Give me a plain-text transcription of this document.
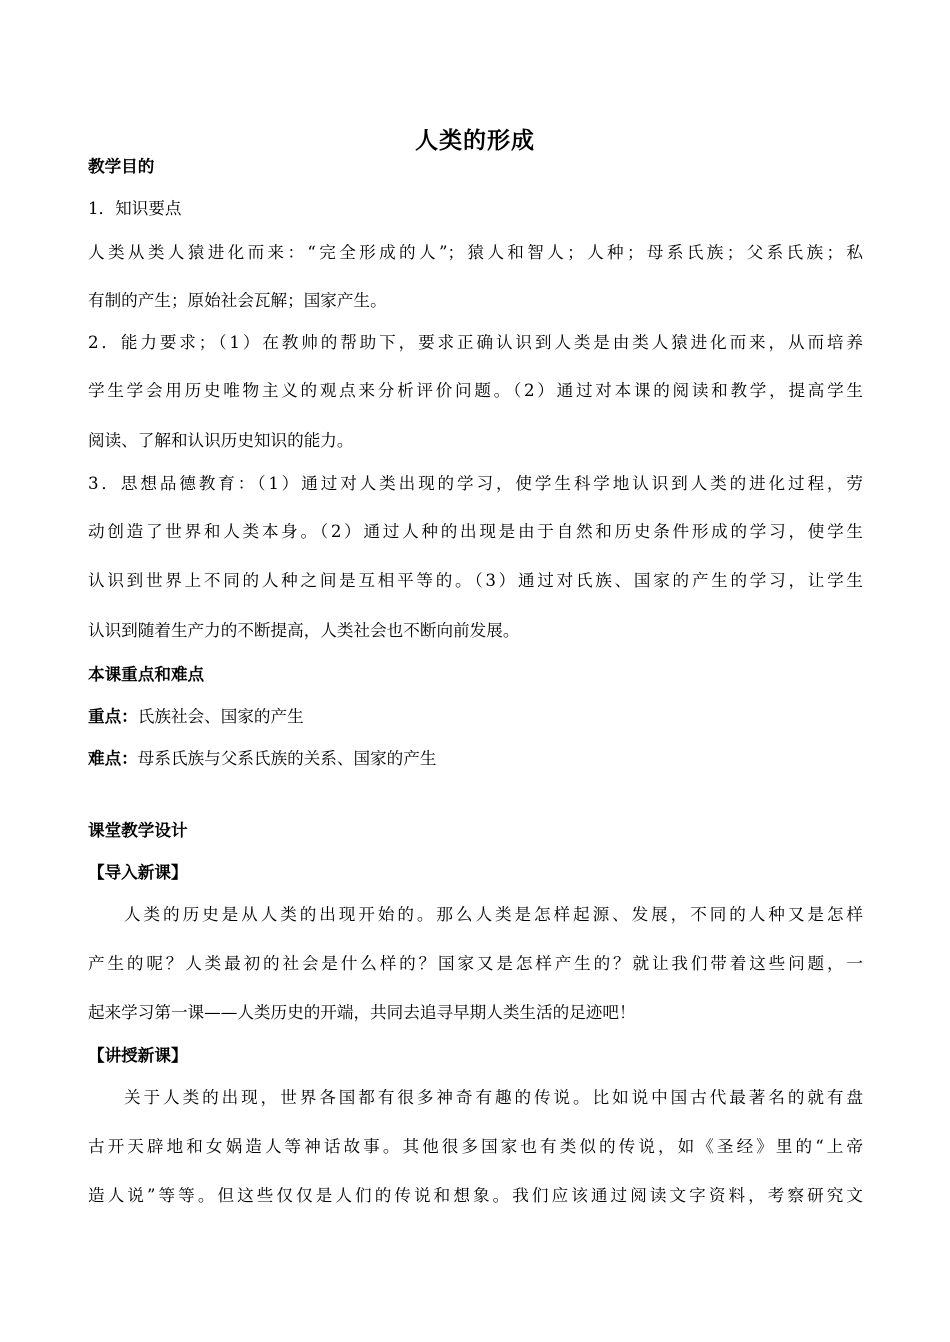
人类的形成
教学目的
1．知识要点
人类从类人猿进化而来：“完全形成的人”；猿人和智人；人种；母系氏族；父系氏族；私
有制的产生；原始社会瓦解；国家产生。
2．能力要求；（1）在教帅的帮助下，要求正确认识到人类是由类人猿进化而来，从而培养
学生学会用历史唯物主义的观点来分析评价问题。（2）通过对本课的阅读和教学，提高学生
阅读、了解和认识历史知识的能力。
3．思想品德教育：（1）通过对人类出现的学习，使学生科学地认识到人类的进化过程，劳
动创造了世界和人类本身。（2）通过人种的出现是由于自然和历史条件形成的学习，使学生
认识到世界上不同的人种之间是互相平等的。（3）通过对氏族、国家的产生的学习，让学生
认识到随着生产力的不断提高，人类社会也不断向前发展。
本课重点和难点
重点：氏族社会、国家的产生
难点：母系氏族与父系氏族的关系、国家的产生
课堂教学设计
【导入新课】
人类的历史是从人类的出现开始的。那么人类是怎样起源、发展，不同的人种又是怎样
产生的呢？人类最初的社会是什么样的？国家又是怎样产生的？就让我们带着这些问题，一
起来学习第一课——人类历史的开端，共同去追寻早期人类生活的足迹吧！
【讲授新课】
关于人类的出现，世界各国都有很多神奇有趣的传说。比如说中国古代最著名的就有盘
古开天辟地和女娲造人等神话故事。其他很多国家也有类似的传说，如《圣经》里的“上帝
造人说”等等。但这些仅仅是人们的传说和想象。我们应该通过阅读文字资料，考察研究文
